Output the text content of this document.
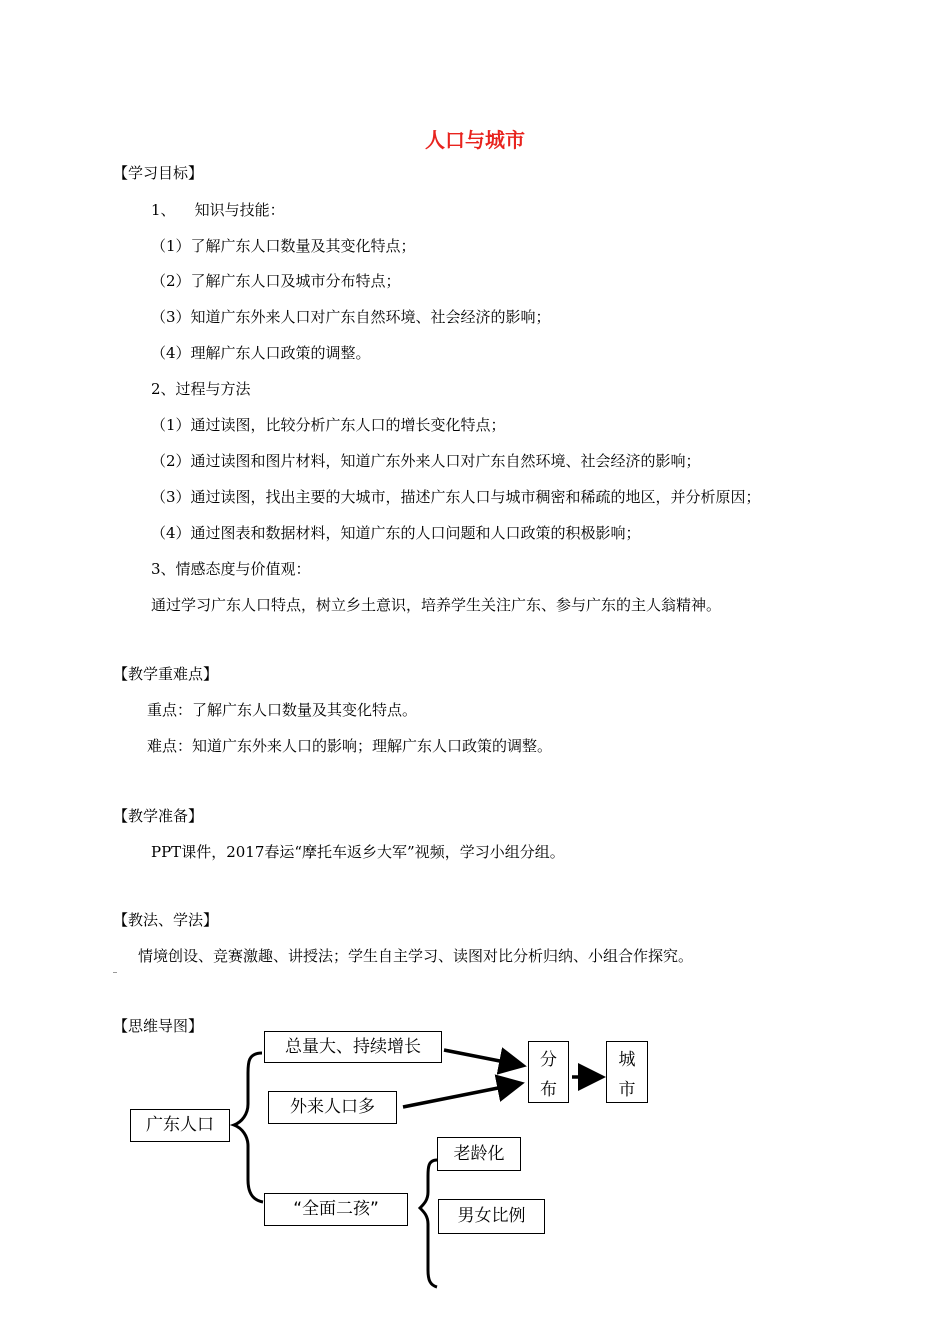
人口与城市
【学习目标】
1、    知识与技能：
（1）了解广东人口数量及其变化特点；
（2）了解广东人口及城市分布特点；
（3）知道广东外来人口对广东自然环境、社会经济的影响；
（4）理解广东人口政策的调整。
2、过程与方法
（1）通过读图，比较分析广东人口的增长变化特点；
（2）通过读图和图片材料，知道广东外来人口对广东自然环境、社会经济的影响；
（3）通过读图，找出主要的大城市，描述广东人口与城市稠密和稀疏的地区，并分析原因；
（4）通过图表和数据材料，知道广东的人口问题和人口政策的积极影响；
3、情感态度与价值观：
通过学习广东人口特点，树立乡土意识，培养学生关注广东、参与广东的主人翁精神。
【教学重难点】
重点：了解广东人口数量及其变化特点。
难点：知道广东外来人口的影响；理解广东人口政策的调整。
【教学准备】
PPT课件，2017春运“摩托车返乡大军”视频，学习小组分组。
【教法、学法】
情境创设、竞赛激趣、讲授法；学生自主学习、读图对比分析归纳、小组合作探究。
【思维导图】
广东人口
总量大、持续增长
外来人口多
分
布
城
市
“全面二孩”
老龄化
男女比例
